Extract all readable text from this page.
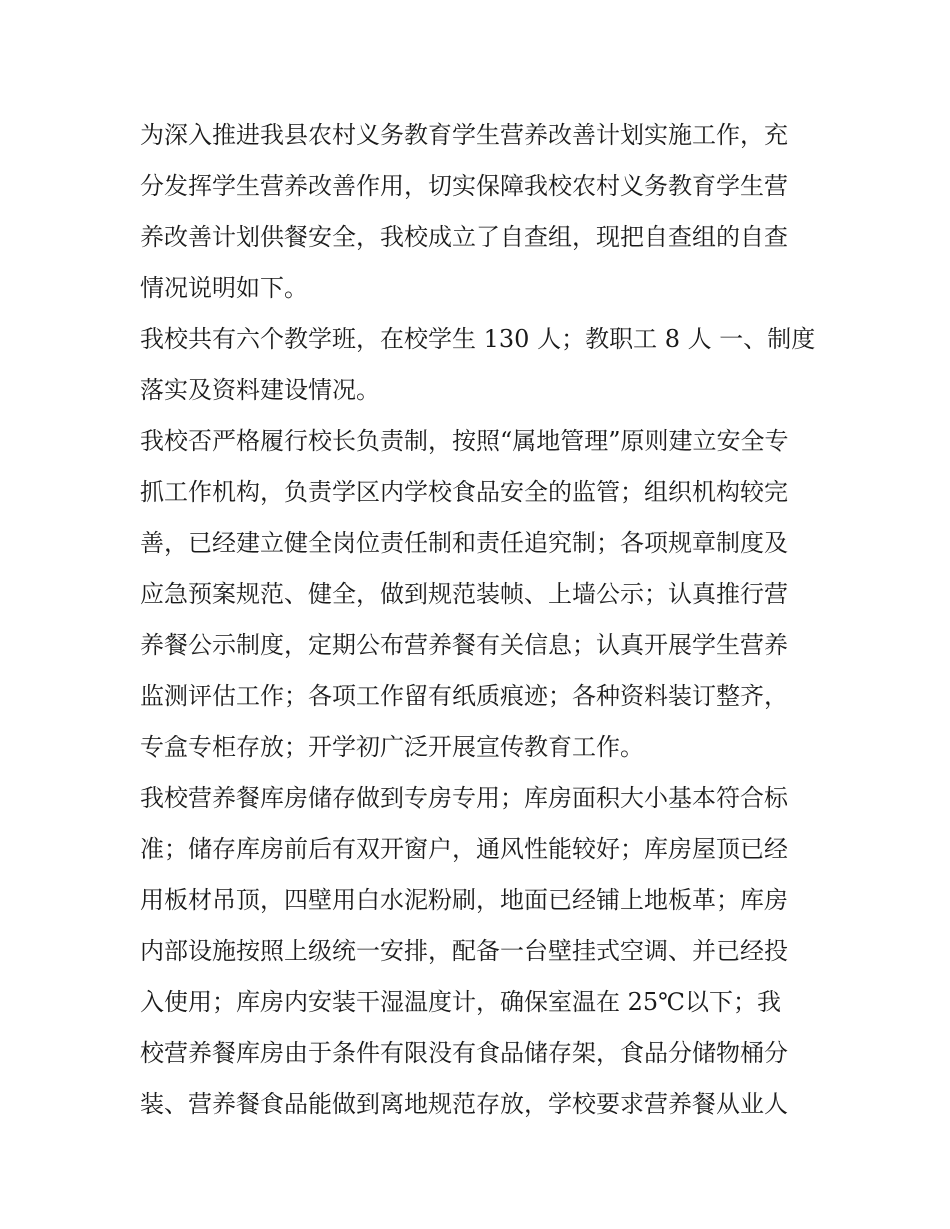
为深入推进我县农村义务教育学生营养改善计划实施工作，充
分发挥学生营养改善作用，切实保障我校农村义务教育学生营
养改善计划供餐安全，我校成立了自查组，现把自查组的自查
情况说明如下。
我校共有六个教学班，在校学生 130 人；教职工 8 人 一、制度
落实及资料建设情况。
我校否严格履行校长负责制，按照“属地管理”原则建立安全专
抓工作机构，负责学区内学校食品安全的监管；组织机构较完
善，已经建立健全岗位责任制和责任追究制；各项规章制度及
应急预案规范、健全，做到规范装帧、上墙公示；认真推行营
养餐公示制度，定期公布营养餐有关信息；认真开展学生营养
监测评估工作；各项工作留有纸质痕迹；各种资料装订整齐，
专盒专柜存放；开学初广泛开展宣传教育工作。
我校营养餐库房储存做到专房专用；库房面积大小基本符合标
准；储存库房前后有双开窗户，通风性能较好；库房屋顶已经
用板材吊顶，四壁用白水泥粉刷，地面已经铺上地板革；库房
内部设施按照上级统一安排，配备一台壁挂式空调、并已经投
入使用；库房内安装干湿温度计，确保室温在 25℃以下；我
校营养餐库房由于条件有限没有食品储存架，食品分储物桶分
装、营养餐食品能做到离地规范存放，学校要求营养餐从业人
